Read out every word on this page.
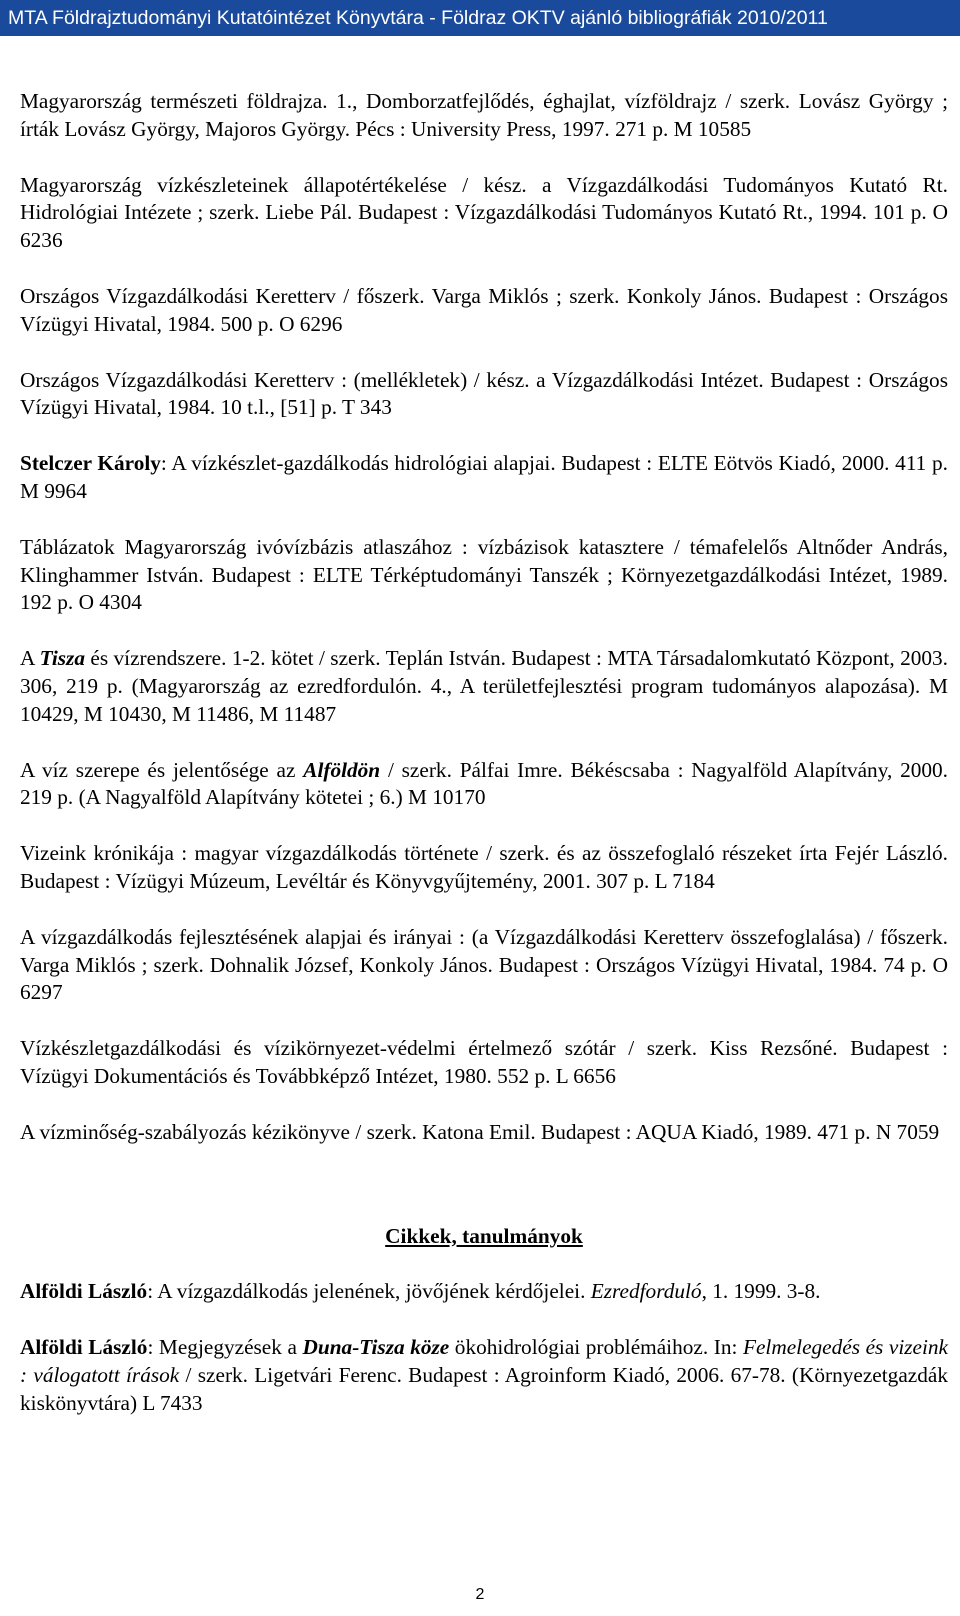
MTA Földrajztudományi Kutatóintézet Könyvtára - Földraz OKTV ajánló bibliográfiák 2010/2011

Magyarország természeti földrajza. 1., Domborzatfejlődés, éghajlat, vízföldrajz / szerk. Lovász György ; írták Lovász György, Majoros György. Pécs : University Press, 1997. 271 p. M 10585

Magyarország vízkészleteinek állapotértékelése / kész. a Vízgazdálkodási Tudományos Kutató Rt. Hidrológiai Intézete ; szerk. Liebe Pál. Budapest : Vízgazdálkodási Tudományos Kutató Rt., 1994. 101 p. O 6236

Országos Vízgazdálkodási Keretterv / főszerk. Varga Miklós ; szerk. Konkoly János. Budapest : Országos Vízügyi Hivatal, 1984. 500 p. O 6296

Országos Vízgazdálkodási Keretterv : (mellékletek) / kész. a Vízgazdálkodási Intézet. Budapest : Országos Vízügyi Hivatal, 1984. 10 t.l., [51] p. T 343

Stelczer Károly: A vízkészlet-gazdálkodás hidrológiai alapjai. Budapest : ELTE Eötvös Kiadó, 2000. 411 p. M 9964

Táblázatok Magyarország ivóvízbázis atlaszához : vízbázisok katasztere / témafelelős Altnőder András, Klinghammer István. Budapest : ELTE Térképtudományi Tanszék ; Környezetgazdálkodási Intézet, 1989. 192 p. O 4304

A Tisza és vízrendszere. 1-2. kötet / szerk. Teplán István. Budapest : MTA Társadalomkutató Központ, 2003. 306, 219 p. (Magyarország az ezredfordulón. 4., A területfejlesztési program tudományos alapozása). M 10429, M 10430, M 11486, M 11487

A víz szerepe és jelentősége az Alföldön / szerk. Pálfai Imre. Békéscsaba : Nagyalföld Alapítvány, 2000. 219 p. (A Nagyalföld Alapítvány kötetei ; 6.) M 10170

Vizeink krónikája : magyar vízgazdálkodás története / szerk. és az összefoglaló részeket írta Fejér László. Budapest : Vízügyi Múzeum, Levéltár és Könyvgyűjtemény, 2001. 307 p. L 7184

A vízgazdálkodás fejlesztésének alapjai és irányai : (a Vízgazdálkodási Keretterv összefoglalása) / főszerk. Varga Miklós ; szerk. Dohnalik József, Konkoly János. Budapest : Országos Vízügyi Hivatal, 1984. 74 p. O 6297

Vízkészletgazdálkodási és vízikörnyezet-védelmi értelmező szótár / szerk. Kiss Rezsőné. Budapest : Vízügyi Dokumentációs és Továbbképző Intézet, 1980. 552 p. L 6656

A vízminőség-szabályozás kézikönyve / szerk. Katona Emil. Budapest : AQUA Kiadó, 1989. 471 p. N 7059

Cikkek, tanulmányok

Alföldi László: A vízgazdálkodás jelenének, jövőjének kérdőjelei. Ezredforduló, 1. 1999. 3-8.

Alföldi László: Megjegyzések a Duna-Tisza köze ökohidrológiai problémáihoz. In: Felmelegedés és vizeink : válogatott írások / szerk. Ligetvári Ferenc. Budapest : Agroinform Kiadó, 2006. 67-78. (Környezetgazdák kiskönyvtára) L 7433

2
